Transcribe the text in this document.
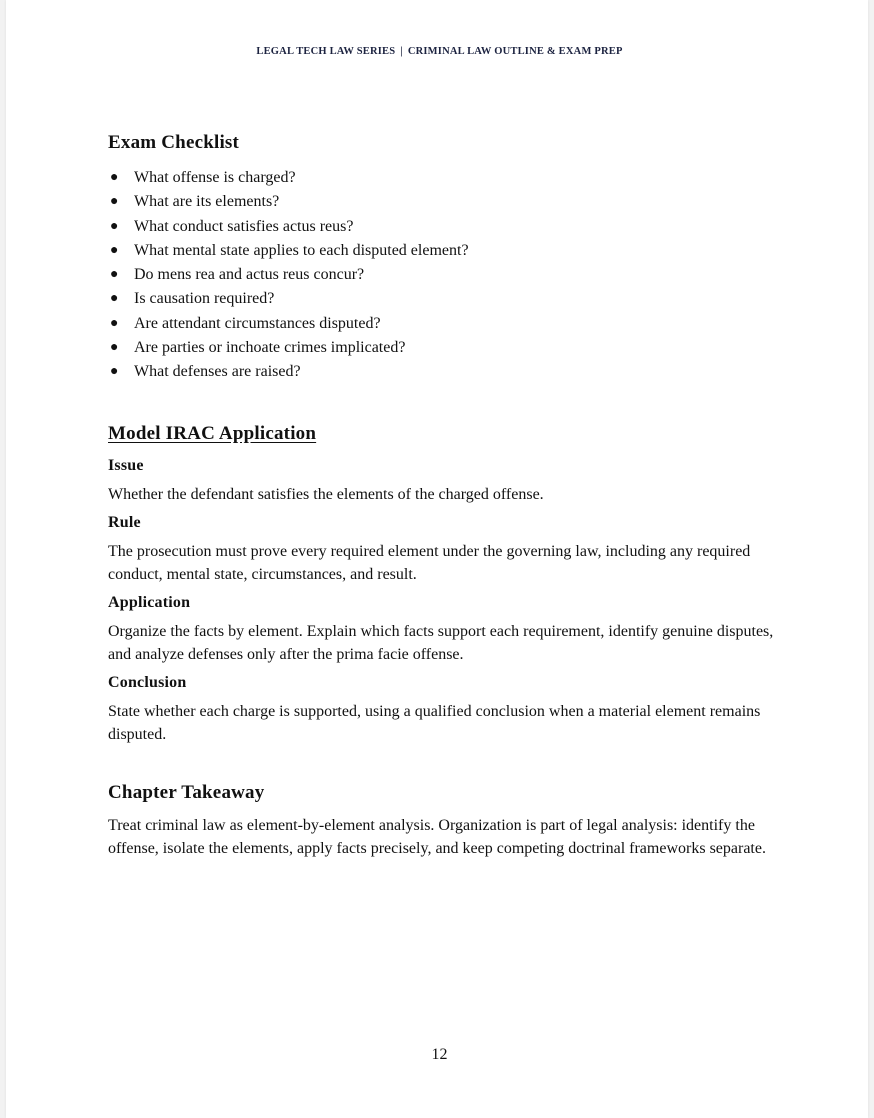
LEGAL TECH LAW SERIES | CRIMINAL LAW OUTLINE & EXAM PREP
Exam Checklist
● What offense is charged?
● What are its elements?
● What conduct satisfies actus reus?
● What mental state applies to each disputed element?
● Do mens rea and actus reus concur?
● Is causation required?
● Are attendant circumstances disputed?
● Are parties or inchoate crimes implicated?
● What defenses are raised?
Model IRAC Application
Issue

Whether the defendant satisfies the elements of the charged offense.

Rule

The prosecution must prove every required element under the governing law, including any required conduct, mental state, circumstances, and result.

Application

Organize the facts by element. Explain which facts support each requirement, identify genuine disputes, and analyze defenses only after the prima facie offense.

Conclusion

State whether each charge is supported, using a qualified conclusion when a material element remains disputed.

Chapter Takeaway

Treat criminal law as element-by-element analysis. Organization is part of legal analysis: identify the offense, isolate the elements, apply facts precisely, and keep competing doctrinal frameworks separate.

12
